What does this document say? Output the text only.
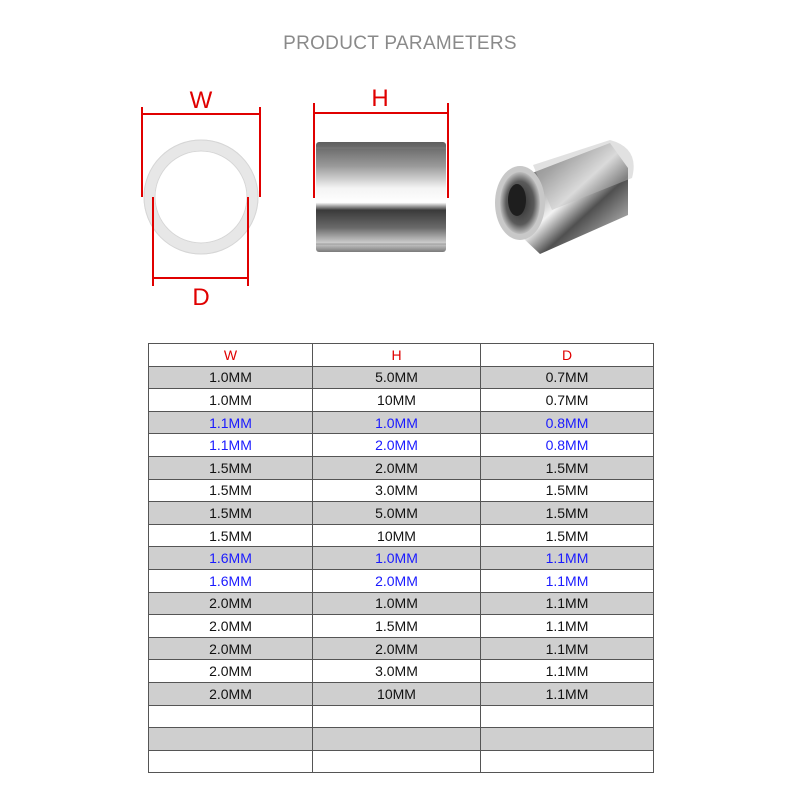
PRODUCT PARAMETERS
W
D
H
W	H	D
1.0MM	5.0MM	0.7MM
1.0MM	10MM	0.7MM
1.1MM	1.0MM	0.8MM
1.1MM	2.0MM	0.8MM
1.5MM	2.0MM	1.5MM
1.5MM	3.0MM	1.5MM
1.5MM	5.0MM	1.5MM
1.5MM	10MM	1.5MM
1.6MM	1.0MM	1.1MM
1.6MM	2.0MM	1.1MM
2.0MM	1.0MM	1.1MM
2.0MM	1.5MM	1.1MM
2.0MM	2.0MM	1.1MM
2.0MM	3.0MM	1.1MM
2.0MM	10MM	1.1MM
